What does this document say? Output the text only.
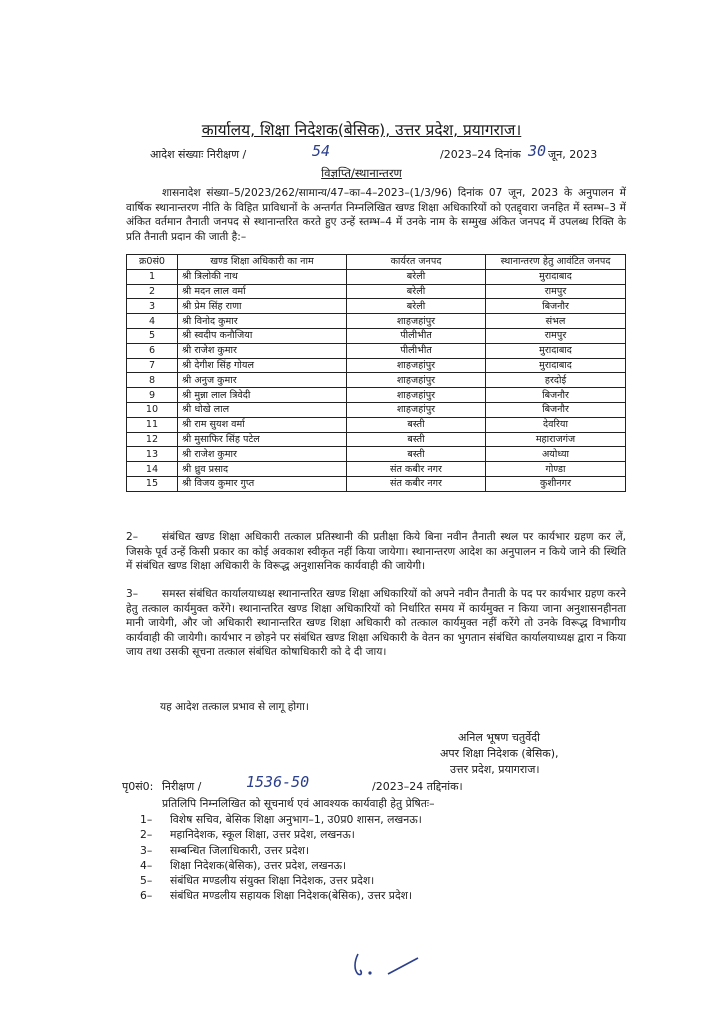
कार्यालय, शिक्षा निदेशक(बेसिक), उत्तर प्रदेश, प्रयागराज।
आदेश संख्याः निरीक्षण /	54	/2023–24 दिनांक 30 जून, 2023
विज्ञप्ति/स्थानान्तरण
शासनादेश संख्या–5/2023/262/सामान्य/47–का–4–2023–(1/3/96) दिनांक 07 जून, 2023 के अनुपालन में वार्षिक स्थानान्तरण नीति के विहित प्राविधानों के अन्तर्गत निम्नलिखित खण्ड शिक्षा अधिकारियों को एतद्द्वारा जनहित में स्तम्भ–3 में अंकित वर्तमान तैनाती जनपद से स्थानान्तरित करते हुए उन्हें स्तम्भ–4 में उनके नाम के सम्मुख अंकित जनपद में उपलब्ध रिक्ति के प्रति तैनाती प्रदान की जाती है:–
क्र0सं0	खण्ड शिक्षा अधिकारी का नाम	कार्यरत जनपद	स्थानान्तरण हेतु आवंटित जनपद
1	श्री त्रिलोकी नाथ	बरेली	मुरादाबाद
2	श्री मदन लाल वर्मा	बरेली	रामपुर
3	श्री प्रेम सिंह राणा	बरेली	बिजनौर
4	श्री विनोद कुमार	शाहजहांपुर	संभल
5	श्री स्वदीप कनौजिया	पीलीभीत	रामपुर
6	श्री राजेश कुमार	पीलीभीत	मुरादाबाद
7	श्री देगीश सिंह गोयल	शाहजहांपुर	मुरादाबाद
8	श्री अनुज कुमार	शाहजहांपुर	हरदोई
9	श्री मुन्ना लाल त्रिवेदी	शाहजहांपुर	बिजनौर
10	श्री धोखे लाल	शाहजहांपुर	बिजनौर
11	श्री राम सुयश वर्मा	बस्ती	देवरिया
12	श्री मुसाफिर सिंह पटेल	बस्ती	महाराजगंज
13	श्री राजेश कुमार	बस्ती	अयोध्या
14	श्री ध्रुव प्रसाद	संत कबीर नगर	गोण्डा
15	श्री विजय कुमार गुप्त	संत कबीर नगर	कुशीनगर
2– संबंधित खण्ड शिक्षा अधिकारी तत्काल प्रतिस्थानी की प्रतीक्षा किये बिना नवीन तैनाती स्थल पर कार्यभार ग्रहण कर लें, जिसके पूर्व उन्हें किसी प्रकार का कोई अवकाश स्वीकृत नहीं किया जायेगा। स्थानान्तरण आदेश का अनुपालन न किये जाने की स्थिति में संबंधित खण्ड शिक्षा अधिकारी के विरूद्ध अनुशासनिक कार्यवाही की जायेगी।
3– समस्त संबंधित कार्यालयाध्यक्ष स्थानान्तरित खण्ड शिक्षा अधिकारियों को अपने नवीन तैनाती के पद पर कार्यभार ग्रहण करने हेतु तत्काल कार्यमुक्त करेंगे। स्थानान्तरित खण्ड शिक्षा अधिकारियों को निर्धारित समय में कार्यमुक्त न किया जाना अनुशासनहीनता मानी जायेगी, और जो अधिकारी स्थानान्तरित खण्ड शिक्षा अधिकारी को तत्काल कार्यमुक्त नहीं करेंगे तो उनके विरूद्ध विभागीय कार्यवाही की जायेगी। कार्यभार न छोड़ने पर संबंधित खण्ड शिक्षा अधिकारी के वेतन का भुगतान संबंधित कार्यालयाध्यक्ष द्वारा न किया जाय तथा उसकी सूचना तत्काल संबंधित कोषाधिकारी को दे दी जाय।
यह आदेश तत्काल प्रभाव से लागू होगा।
अनिल भूषण चतुर्वेदी
अपर शिक्षा निदेशक (बेसिक),
उत्तर प्रदेश, प्रयागराज।
पृ0सं0: निरीक्षण /	1536-50	/2023–24 तद्दिनांक।
प्रतिलिपि निम्नलिखित को सूचनार्थ एवं आवश्यक कार्यवाही हेतु प्रेषितः–
1– विशेष सचिव, बेसिक शिक्षा अनुभाग–1, उ0प्र0 शासन, लखनऊ।
2– महानिदेशक, स्कूल शिक्षा, उत्तर प्रदेश, लखनऊ।
3– सम्बन्धित जिलाधिकारी, उत्तर प्रदेश।
4– शिक्षा निदेशक(बेसिक), उत्तर प्रदेश, लखनऊ।
5– संबंधित मण्डलीय संयुक्त शिक्षा निदेशक, उत्तर प्रदेश।
6– संबंधित मण्डलीय सहायक शिक्षा निदेशक(बेसिक), उत्तर प्रदेश।
